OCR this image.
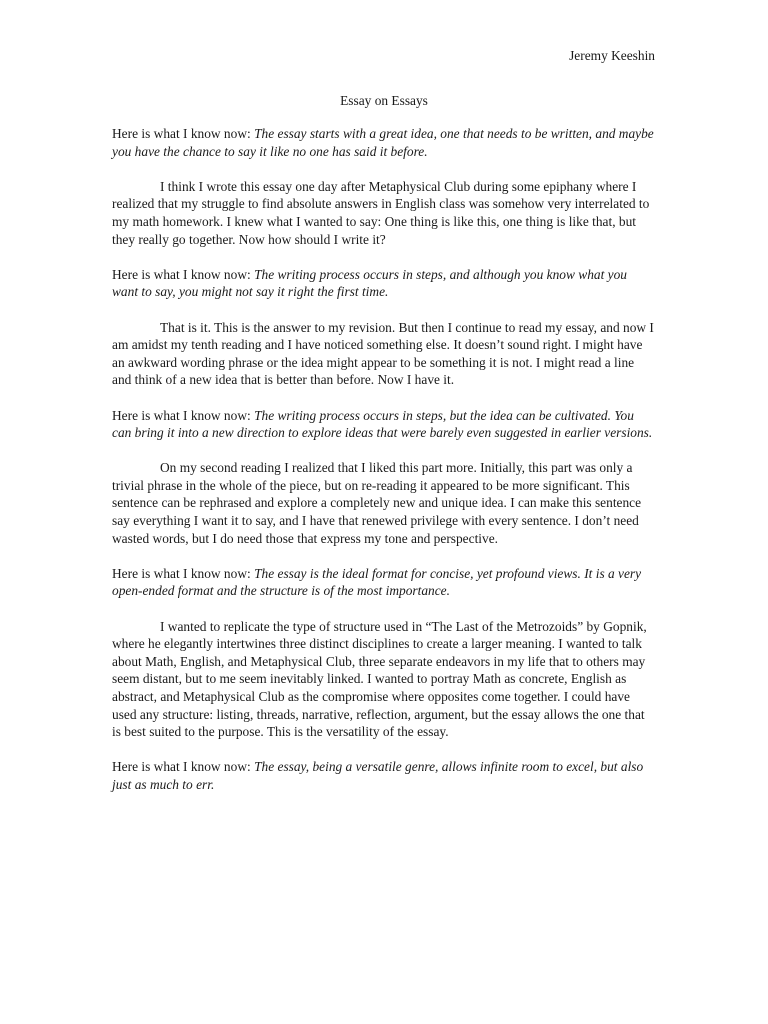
Jeremy Keeshin
Essay on Essays

Here is what I know now: The essay starts with a great idea, one that needs to be written, and maybe you have the chance to say it like no one has said it before.

I think I wrote this essay one day after Metaphysical Club during some epiphany where I realized that my struggle to find absolute answers in English class was somehow very interrelated to my math homework. I knew what I wanted to say: One thing is like this, one thing is like that, but they really go together. Now how should I write it?

Here is what I know now: The writing process occurs in steps, and although you know what you want to say, you might not say it right the first time.

That is it. This is the answer to my revision. But then I continue to read my essay, and now I am amidst my tenth reading and I have noticed something else. It doesn’t sound right. I might have an awkward wording phrase or the idea might appear to be something it is not. I might read a line and think of a new idea that is better than before. Now I have it.

Here is what I know now: The writing process occurs in steps, but the idea can be cultivated. You can bring it into a new direction to explore ideas that were barely even suggested in earlier versions.

On my second reading I realized that I liked this part more. Initially, this part was only a trivial phrase in the whole of the piece, but on re-reading it appeared to be more significant. This sentence can be rephrased and explore a completely new and unique idea. I can make this sentence say everything I want it to say, and I have that renewed privilege with every sentence. I don’t need wasted words, but I do need those that express my tone and perspective.

Here is what I know now: The essay is the ideal format for concise, yet profound views. It is a very open-ended format and the structure is of the most importance.

I wanted to replicate the type of structure used in “The Last of the Metrozoids” by Gopnik, where he elegantly intertwines three distinct disciplines to create a larger meaning. I wanted to talk about Math, English, and Metaphysical Club, three separate endeavors in my life that to others may seem distant, but to me seem inevitably linked. I wanted to portray Math as concrete, English as abstract, and Metaphysical Club as the compromise where opposites come together. I could have used any structure: listing, threads, narrative, reflection, argument, but the essay allows the one that is best suited to the purpose. This is the versatility of the essay.

Here is what I know now: The essay, being a versatile genre, allows infinite room to excel, but also just as much to err.
